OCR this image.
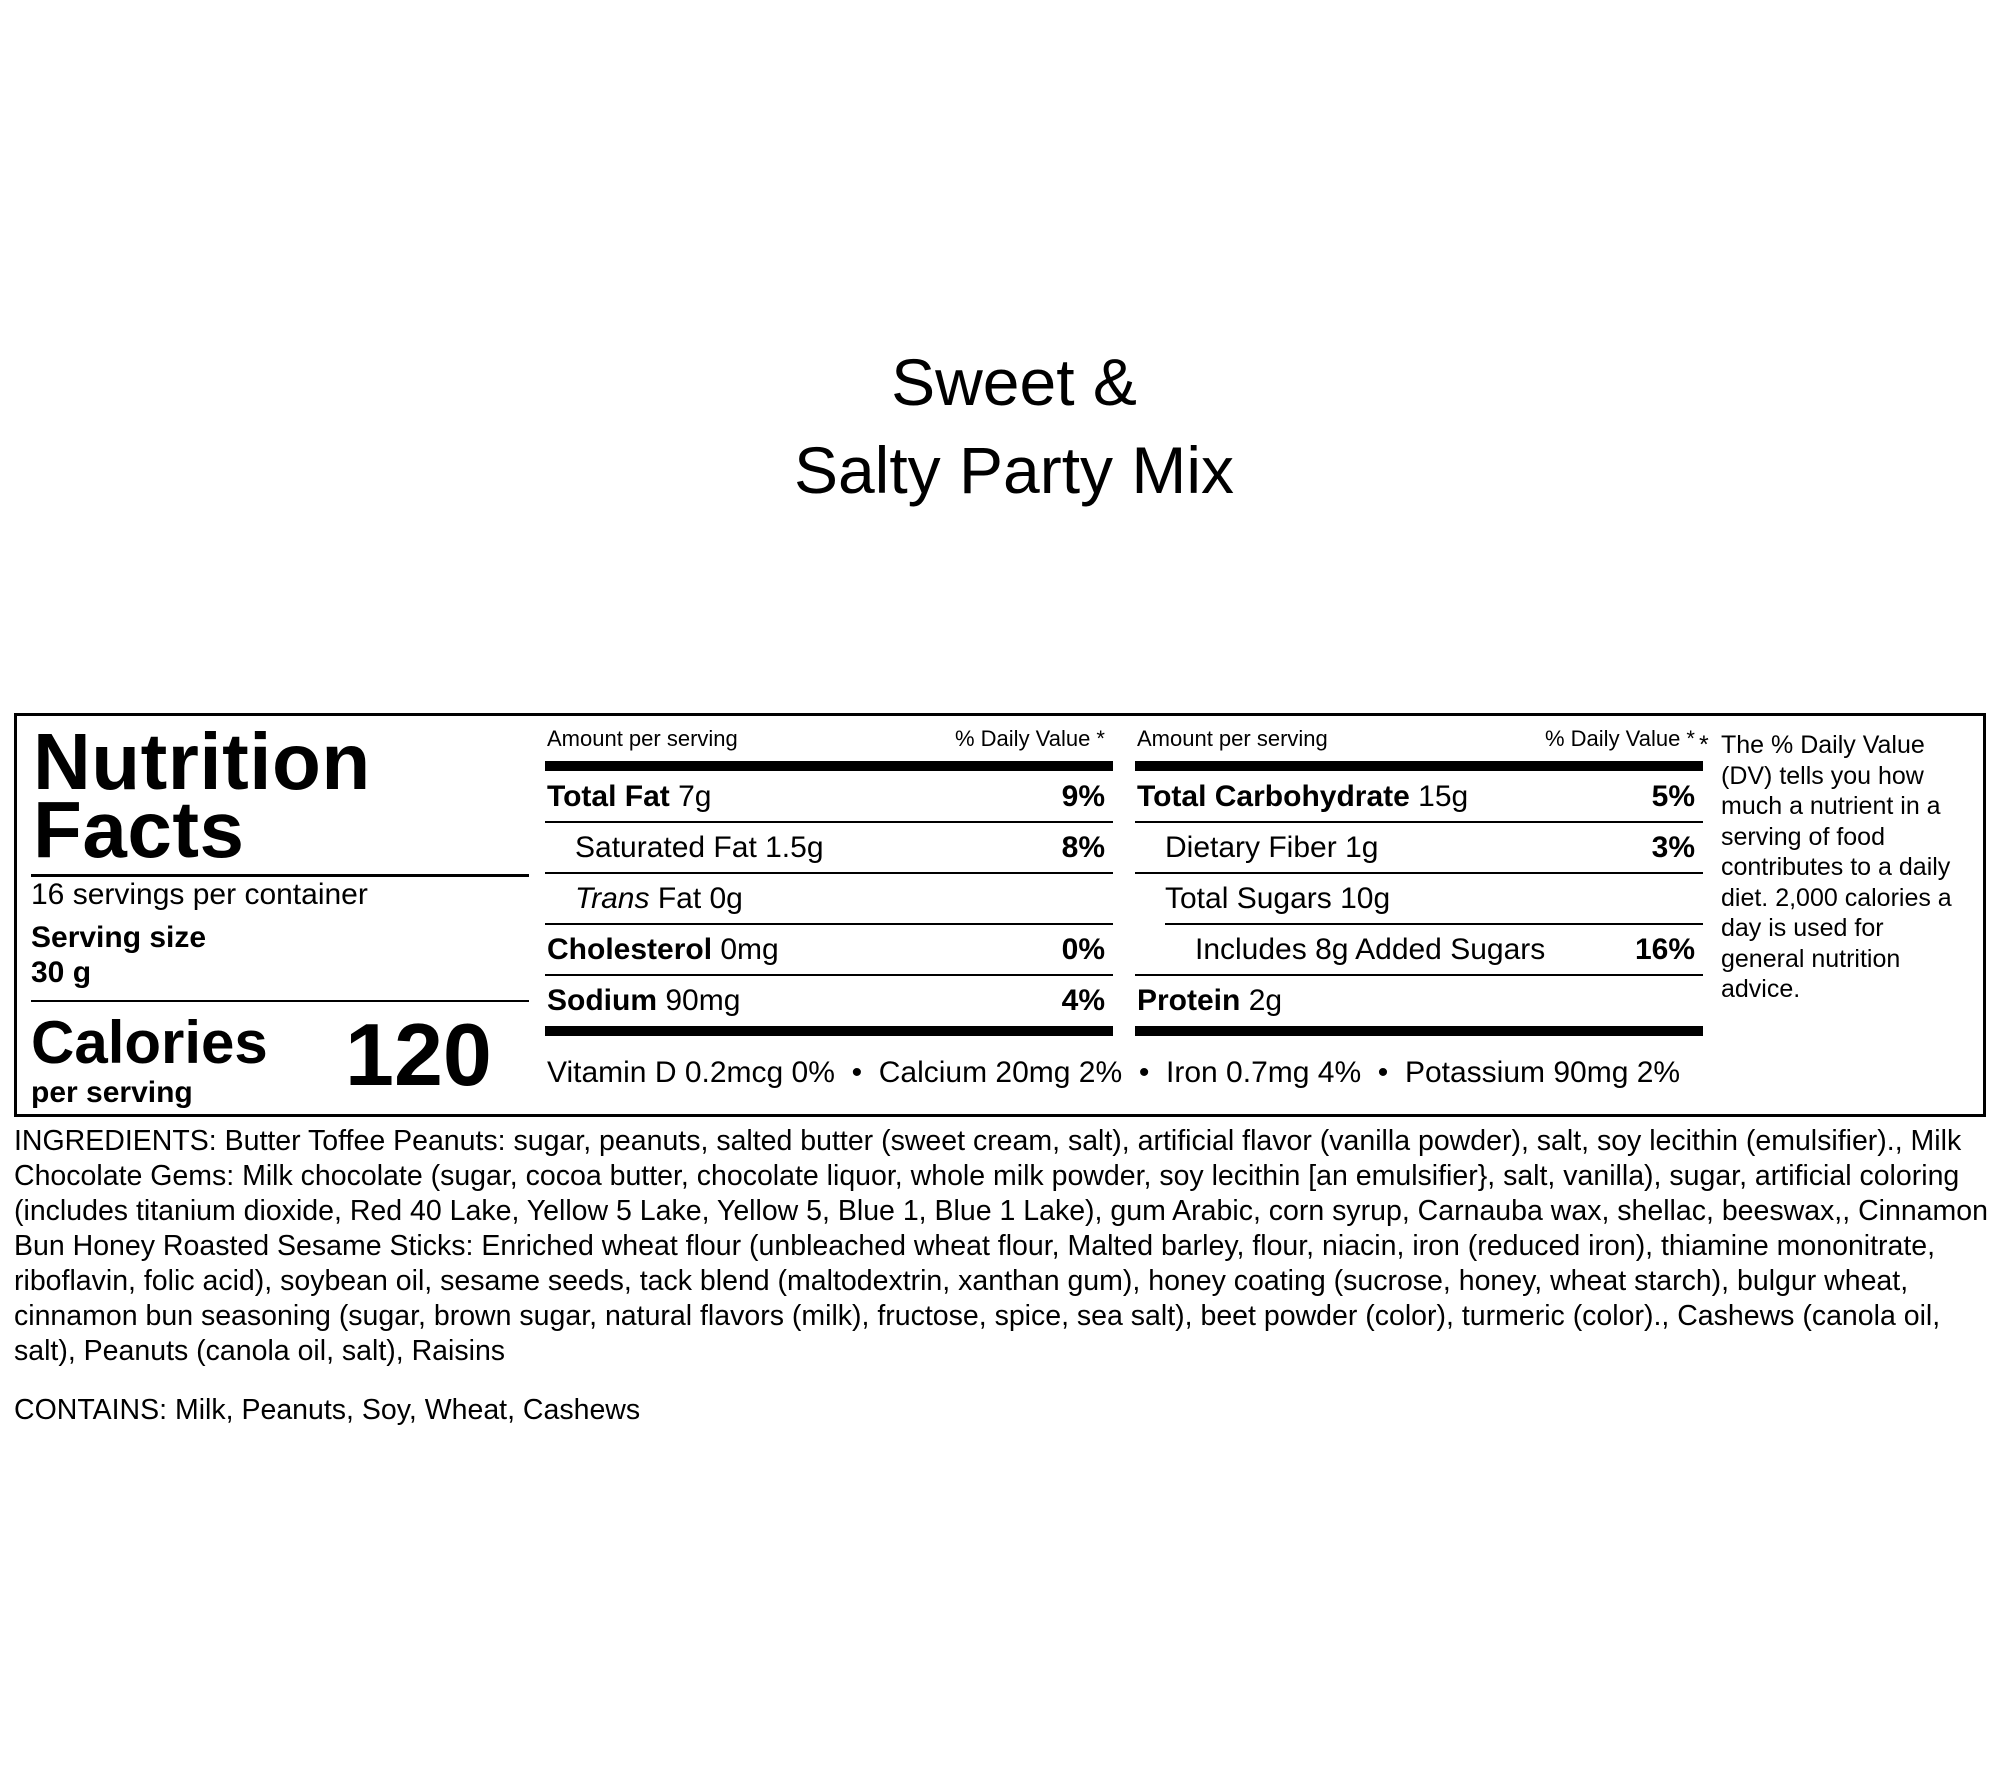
Sweet &
Salty Party Mix
Nutrition
Facts
16 servings per container
Serving size
30 g
Calories
per serving 120
Amount per serving	% Daily Value *
Total Fat 7g	9%
Saturated Fat 1.5g	8%
Trans Fat 0g
Cholesterol 0mg	0%
Sodium 90mg	4%
Amount per serving	% Daily Value *
Total Carbohydrate 15g	5%
Dietary Fiber 1g	3%
Total Sugars 10g
Includes 8g Added Sugars	16%
Protein 2g
Vitamin D 0.2mcg 0%  •  Calcium 20mg 2%  •  Iron 0.7mg 4%  •  Potassium 90mg 2%
* The % Daily Value (DV) tells you how much a nutrient in a serving of food contributes to a daily diet. 2,000 calories a day is used for general nutrition advice.
INGREDIENTS: Butter Toffee Peanuts: sugar, peanuts, salted butter (sweet cream, salt), artificial flavor (vanilla powder), salt, soy lecithin (emulsifier)., Milk Chocolate Gems: Milk chocolate (sugar, cocoa butter, chocolate liquor, whole milk powder, soy lecithin [an emulsifier}, salt, vanilla), sugar, artificial coloring (includes titanium dioxide, Red 40 Lake, Yellow 5 Lake, Yellow 5, Blue 1, Blue 1 Lake), gum Arabic, corn syrup, Carnauba wax, shellac, beeswax,, Cinnamon Bun Honey Roasted Sesame Sticks: Enriched wheat flour (unbleached wheat flour, Malted barley, flour, niacin, iron (reduced iron), thiamine mononitrate, riboflavin, folic acid), soybean oil, sesame seeds, tack blend (maltodextrin, xanthan gum), honey coating (sucrose, honey, wheat starch), bulgur wheat, cinnamon bun seasoning (sugar, brown sugar, natural flavors (milk), fructose, spice, sea salt), beet powder (color), turmeric (color)., Cashews (canola oil, salt), Peanuts (canola oil, salt), Raisins
CONTAINS: Milk, Peanuts, Soy, Wheat, Cashews
